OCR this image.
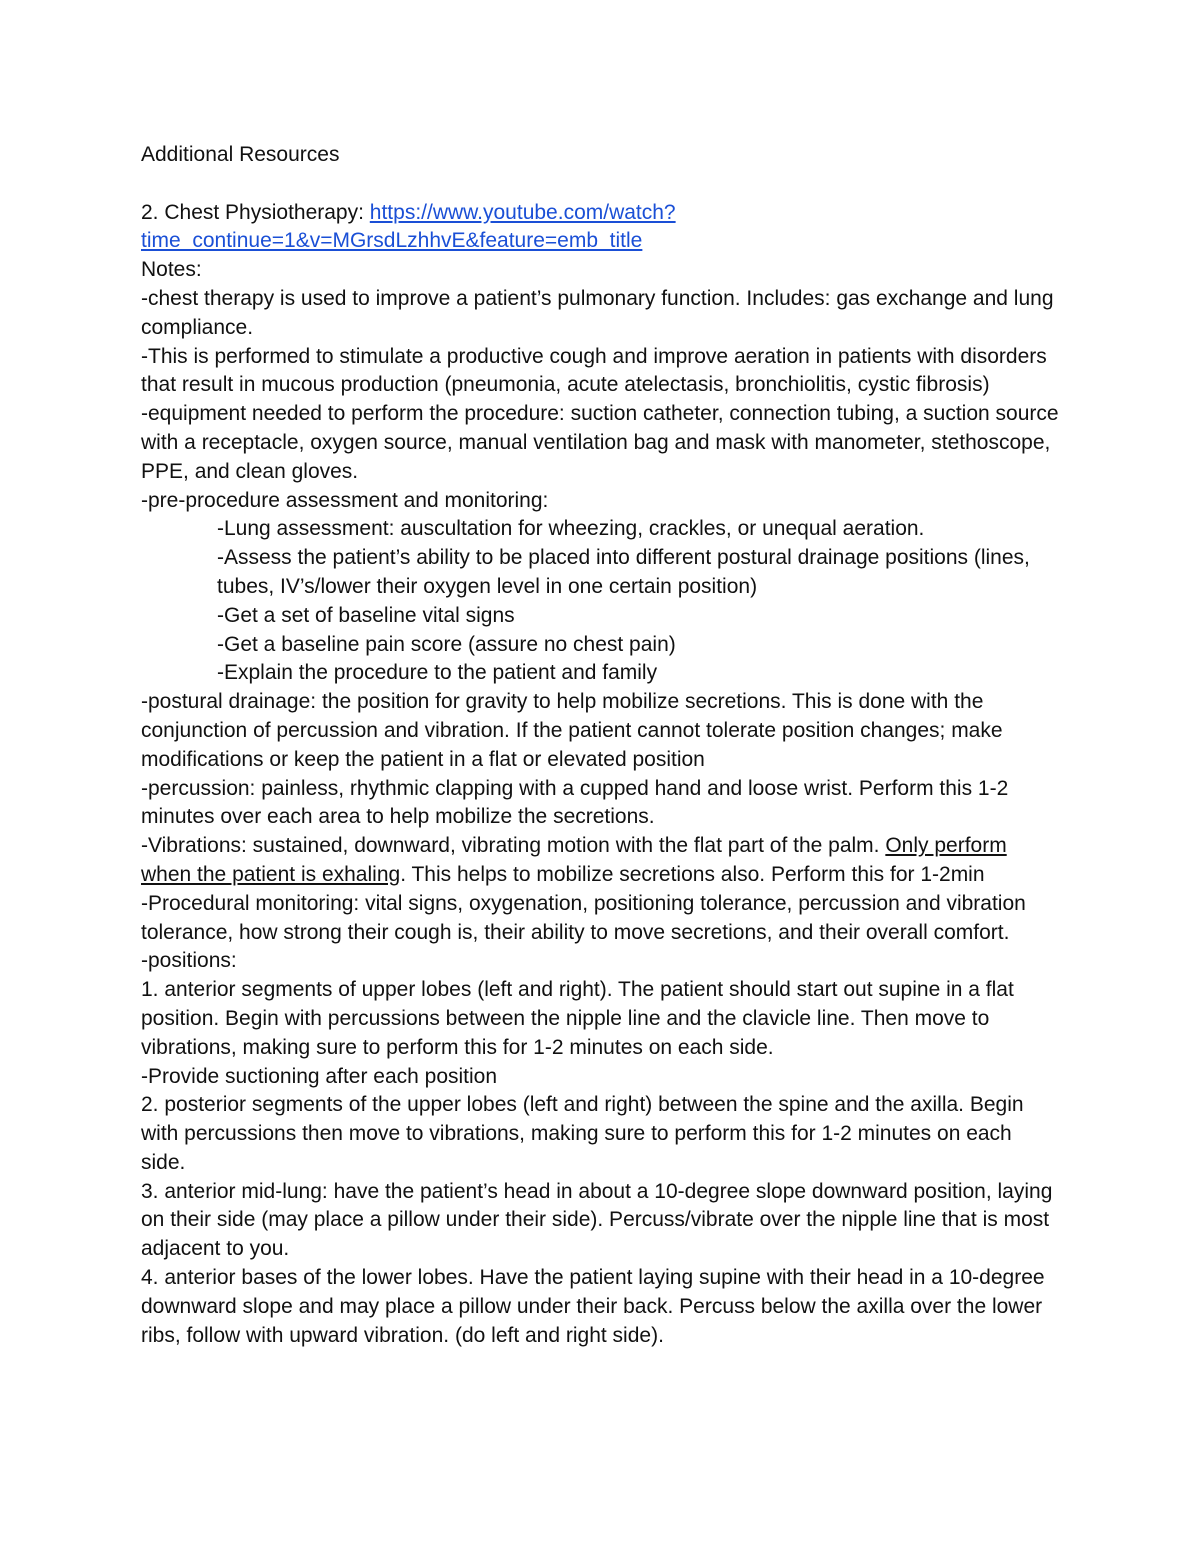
Additional Resources

2. Chest Physiotherapy: https://www.youtube.com/watch?
time_continue=1&v=MGrsdLzhhvE&feature=emb_title

Notes:

-chest therapy is used to improve a patient’s pulmonary function. Includes: gas exchange and lung compliance.

-This is performed to stimulate a productive cough and improve aeration in patients with disorders that result in mucous production (pneumonia, acute atelectasis, bronchiolitis, cystic fibrosis)

-equipment needed to perform the procedure: suction catheter, connection tubing, a suction source with a receptacle, oxygen source, manual ventilation bag and mask with manometer, stethoscope, PPE, and clean gloves.

-pre-procedure assessment and monitoring:

-Lung assessment: auscultation for wheezing, crackles, or unequal aeration.

-Assess the patient’s ability to be placed into different postural drainage positions (lines, tubes, IV’s/lower their oxygen level in one certain position)

-Get a set of baseline vital signs

-Get a baseline pain score (assure no chest pain)

-Explain the procedure to the patient and family

-postural drainage: the position for gravity to help mobilize secretions. This is done with the conjunction of percussion and vibration. If the patient cannot tolerate position changes; make modifications or keep the patient in a flat or elevated position

-percussion: painless, rhythmic clapping with a cupped hand and loose wrist. Perform this 1-2 minutes over each area to help mobilize the secretions.

-Vibrations: sustained, downward, vibrating motion with the flat part of the palm. Only perform when the patient is exhaling. This helps to mobilize secretions also. Perform this for 1-2min

-Procedural monitoring: vital signs, oxygenation, positioning tolerance, percussion and vibration tolerance, how strong their cough is, their ability to move secretions, and their overall comfort.

-positions:

1. anterior segments of upper lobes (left and right). The patient should start out supine in a flat position. Begin with percussions between the nipple line and the clavicle line. Then move to vibrations, making sure to perform this for 1-2 minutes on each side.

-Provide suctioning after each position

2. posterior segments of the upper lobes (left and right) between the spine and the axilla. Begin with percussions then move to vibrations, making sure to perform this for 1-2 minutes on each side.

3. anterior mid-lung: have the patient’s head in about a 10-degree slope downward position, laying on their side (may place a pillow under their side). Percuss/vibrate over the nipple line that is most adjacent to you.

4. anterior bases of the lower lobes. Have the patient laying supine with their head in a 10-degree downward slope and may place a pillow under their back. Percuss below the axilla over the lower ribs, follow with upward vibration. (do left and right side).
